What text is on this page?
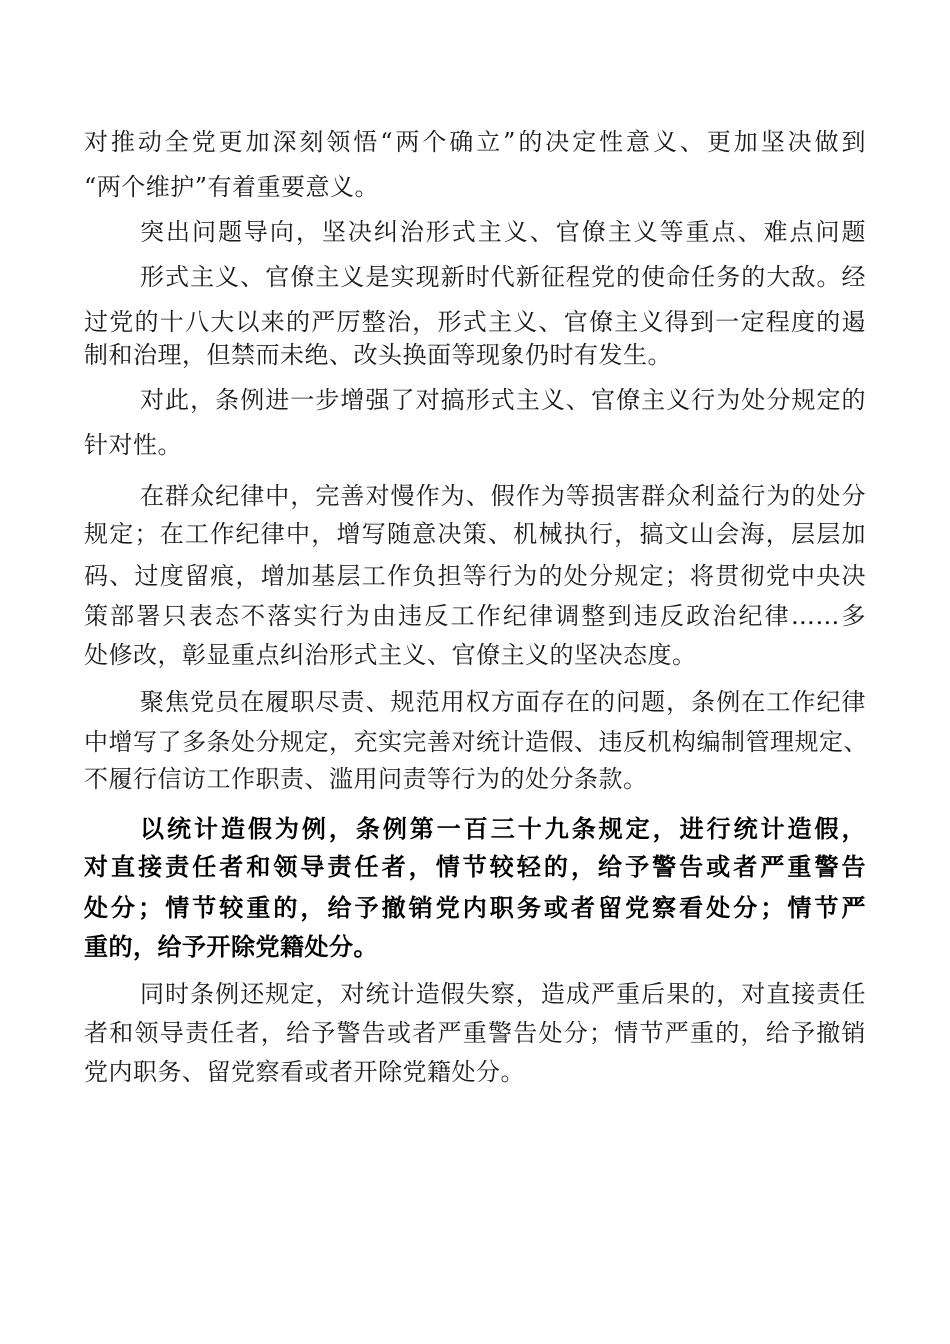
对推动全党更加深刻领悟“两个确立”的决定性意义、更加坚决做到

“两个维护”有着重要意义。

突出问题导向，坚决纠治形式主义、官僚主义等重点、难点问题

形式主义、官僚主义是实现新时代新征程党的使命任务的大敌。经

过党的十八大以来的严厉整治，形式主义、官僚主义得到一定程度的遏

制和治理，但禁而未绝、改头换面等现象仍时有发生。

对此，条例进一步增强了对搞形式主义、官僚主义行为处分规定的

针对性。

在群众纪律中，完善对慢作为、假作为等损害群众利益行为的处分

规定；在工作纪律中，增写随意决策、机械执行，搞文山会海，层层加

码、过度留痕，增加基层工作负担等行为的处分规定；将贯彻党中央决

策部署只表态不落实行为由违反工作纪律调整到违反政治纪律……多

处修改，彰显重点纠治形式主义、官僚主义的坚决态度。

聚焦党员在履职尽责、规范用权方面存在的问题，条例在工作纪律

中增写了多条处分规定，充实完善对统计造假、违反机构编制管理规定、

不履行信访工作职责、滥用问责等行为的处分条款。

以统计造假为例，条例第一百三十九条规定，进行统计造假，

对直接责任者和领导责任者，情节较轻的，给予警告或者严重警告

处分；情节较重的，给予撤销党内职务或者留党察看处分；情节严

重的，给予开除党籍处分。

同时条例还规定，对统计造假失察，造成严重后果的，对直接责任

者和领导责任者，给予警告或者严重警告处分；情节严重的，给予撤销

党内职务、留党察看或者开除党籍处分。
